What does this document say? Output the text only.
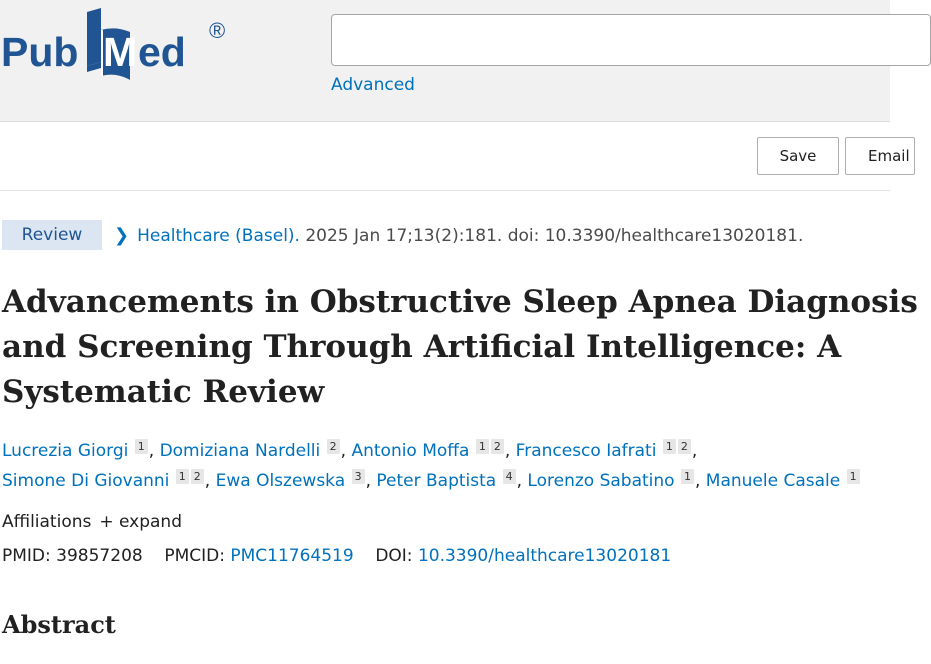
Pub M ed ®
Advanced
Save	Email
Review	❯ Healthcare (Basel). 2025 Jan 17;13(2):181. doi: 10.3390/healthcare13020181.
Advancements in Obstructive Sleep Apnea Diagnosis
and Screening Through Artificial Intelligence: A
Systematic Review
Lucrezia Giorgi 1 , Domiziana Nardelli 2 , Antonio Moffa 1 2 , Francesco Iafrati 1 2 ,
Simone Di Giovanni 1 2 , Ewa Olszewska 3 , Peter Baptista 4 , Lorenzo Sabatino 1 , Manuele Casale 1
Affiliations + expand
PMID: 39857208 PMCID: PMC11764519 DOI: 10.3390/healthcare13020181
Abstract
